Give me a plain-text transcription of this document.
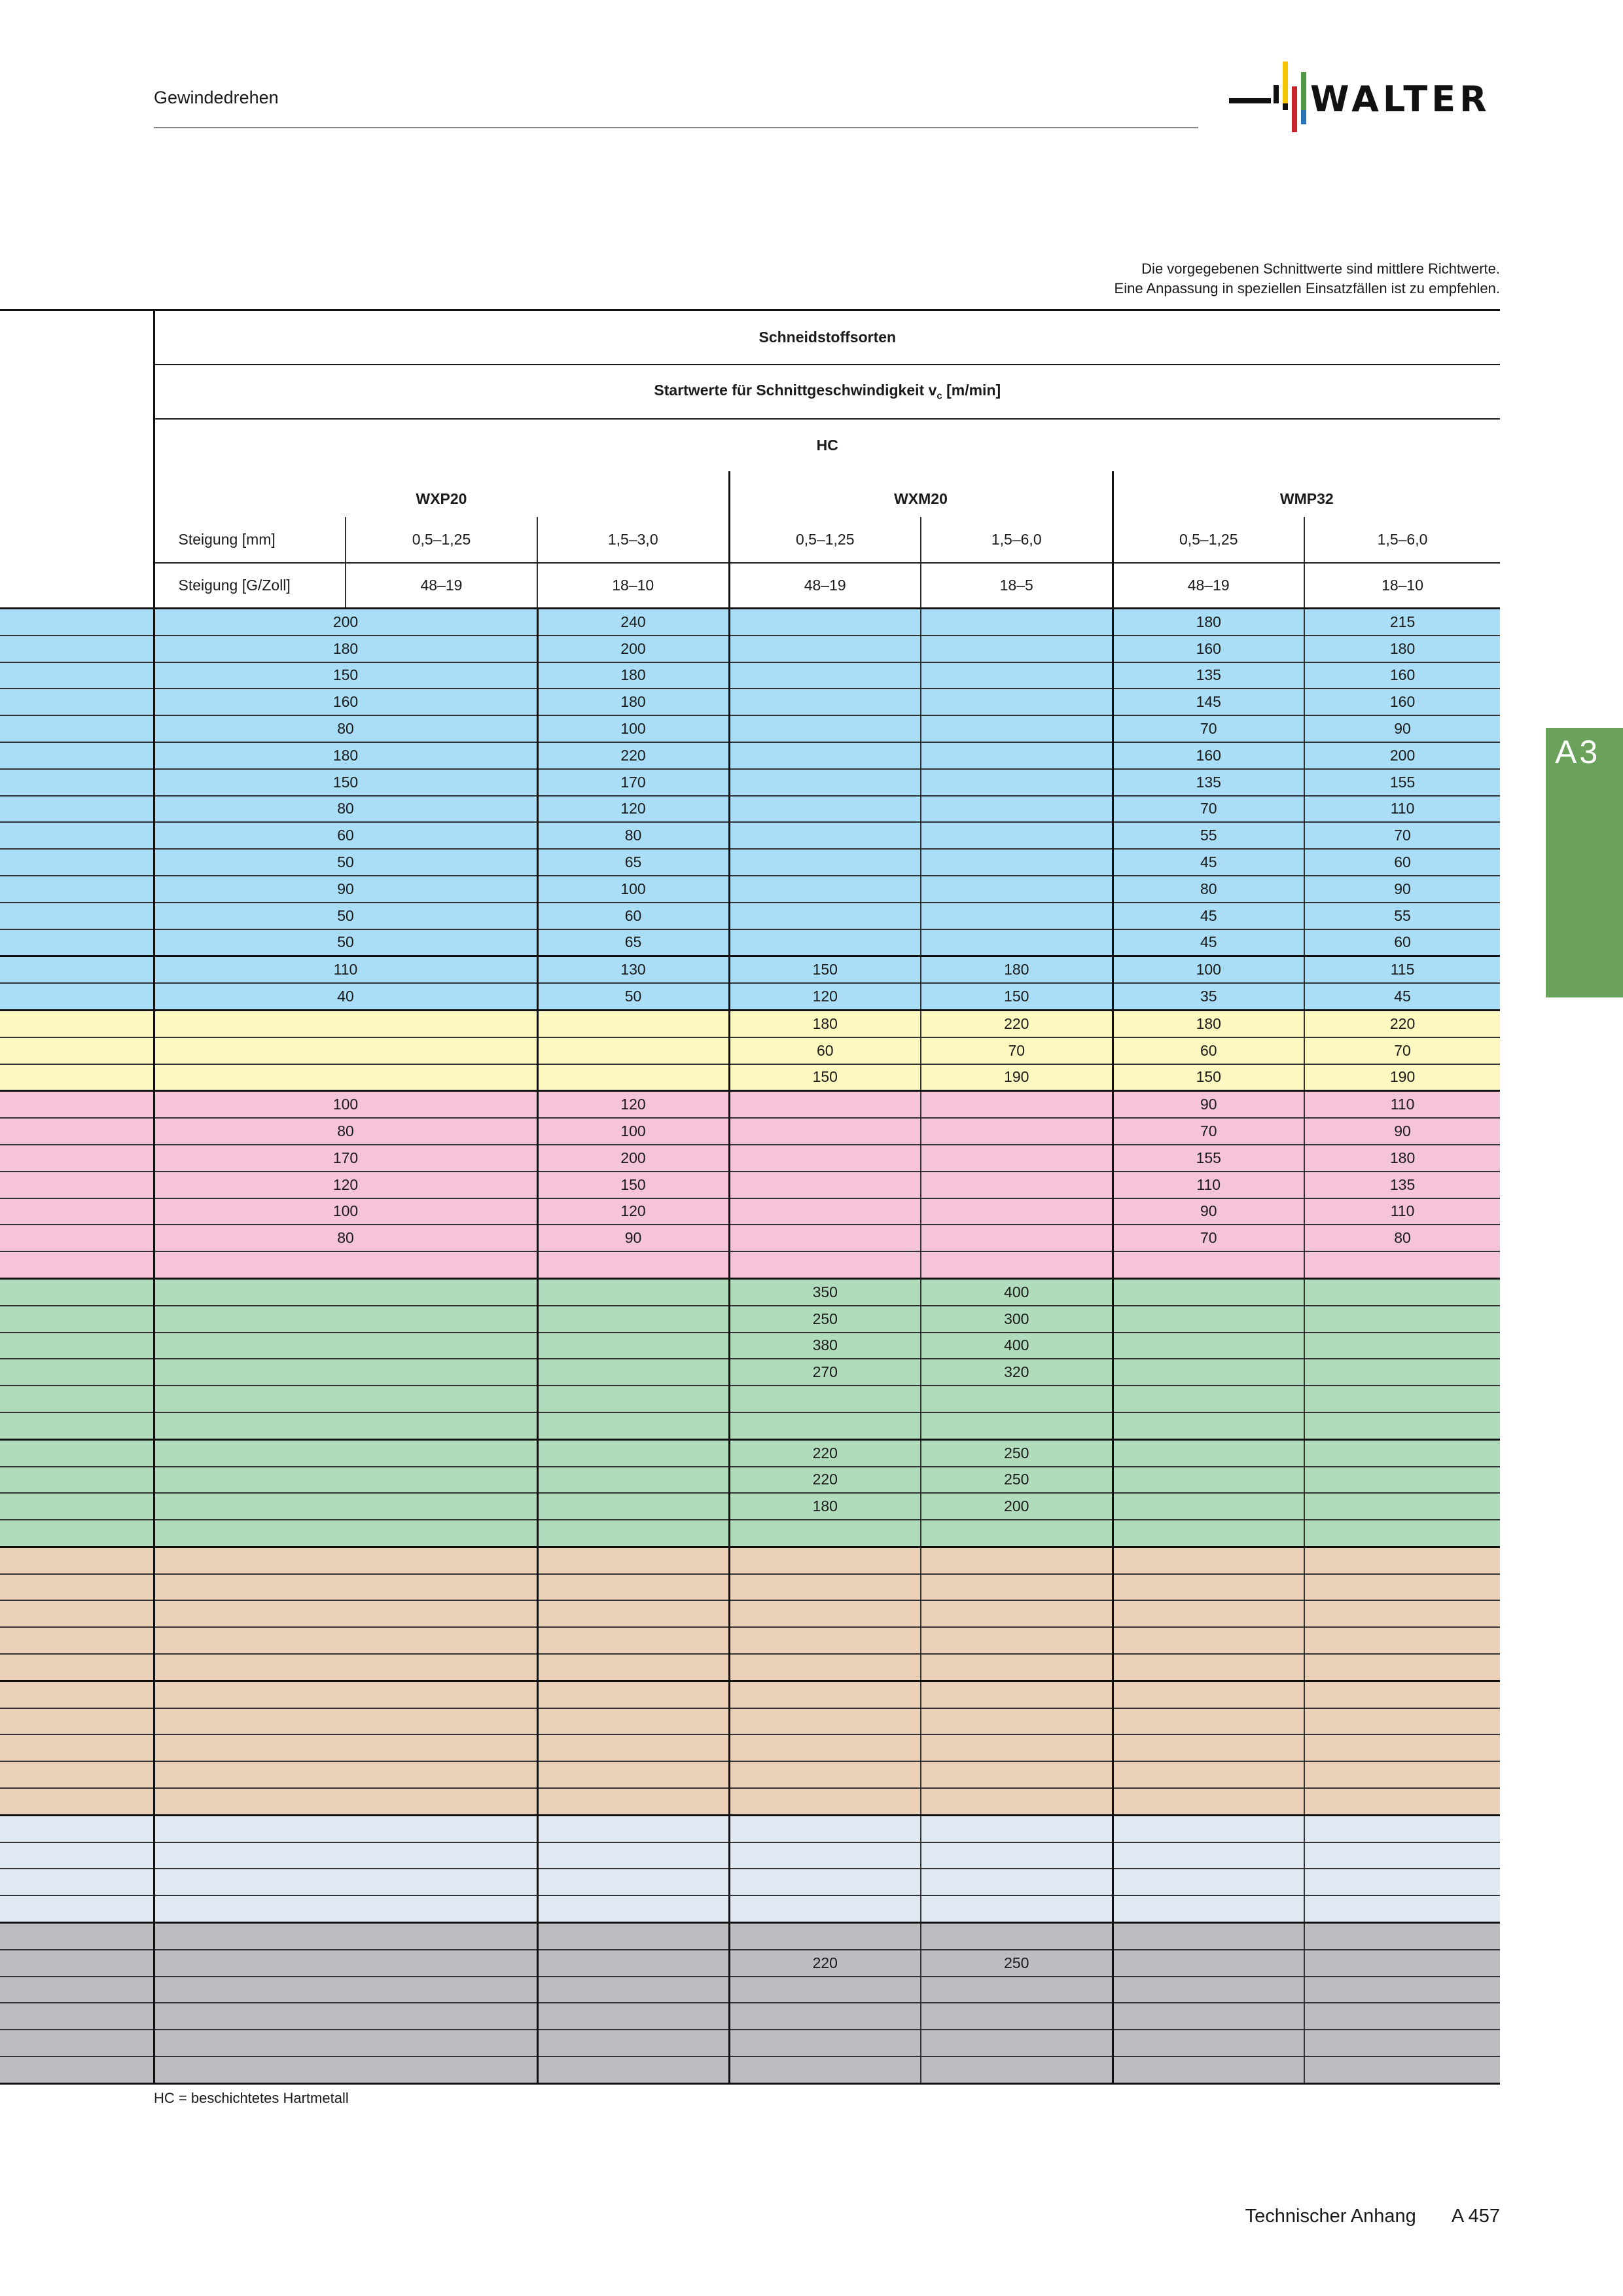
Gewindedrehen	WALTER
Die vorgegebenen Schnittwerte sind mittlere Richtwerte.
Eine Anpassung in speziellen Einsatzfällen ist zu empfehlen.
A3
	Schneidstoffsorten						
	Startwerte für Schnittgeschwindigkeit $v_c$ [m/min]						
	HC						
	WXP20			WXM20		WMP32	
	Steigung [mm]	0,5–1,25	1,5–3,0	0,5–1,25	1,5–6,0	0,5–1,25	1,5–6,0
	Steigung [G/Zoll]	48–19	18–10	48–19	18–5	48–19	18–10
	200		240			180	215
	180		200			160	180
	150		180			135	160
	160		180			145	160
	80		100			70	90
	180		220			160	200
	150		170			135	155
	80		120			70	110
	60		80			55	70
	50		65			45	60
	90		100			80	90
	50		60			45	55
	50		65			45	60
	110		130	150	180	100	115
	40		50	120	150	35	45
				180	220	180	220
				60	70	60	70
				150	190	150	190
	100		120			90	110
	80		100			70	90
	170		200			155	180
	120		150			110	135
	100		120			90	110
	80		90			70	80

				350	400		
				250	300		
				380	400		
				270	320		

				220	250		
				220	250		
				180	200		

				220	250		

HC = beschichtetes Hartmetall
Technischer Anhang A 457
